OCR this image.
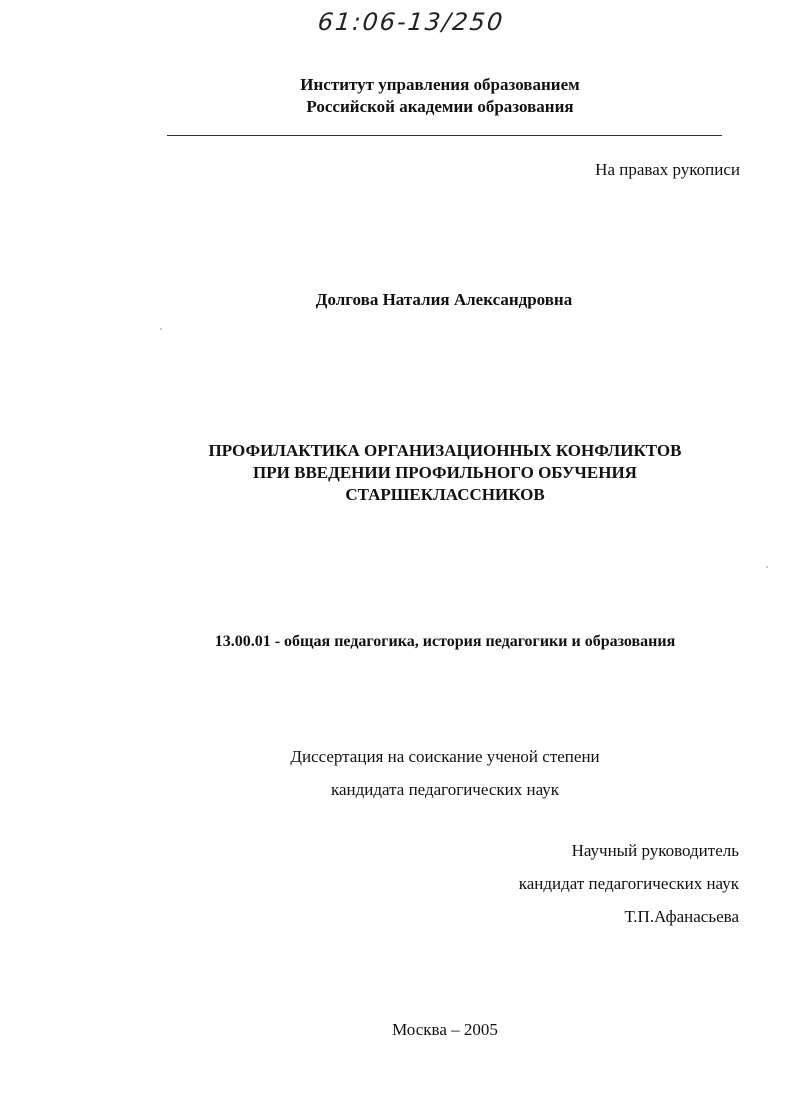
61:06-13/250
Институт управления образованием
Российской академии образования
На правах рукописи
Долгова Наталия Александровна
ПРОФИЛАКТИКА ОРГАНИЗАЦИОННЫХ КОНФЛИКТОВ
ПРИ ВВЕДЕНИИ ПРОФИЛЬНОГО ОБУЧЕНИЯ
СТАРШЕКЛАССНИКОВ
13.00.01 - общая педагогика, история педагогики и образования
Диссертация на соискание ученой степени
кандидата педагогических наук
Научный руководитель
кандидат педагогических наук
Т.П.Афанасьева
Москва – 2005
